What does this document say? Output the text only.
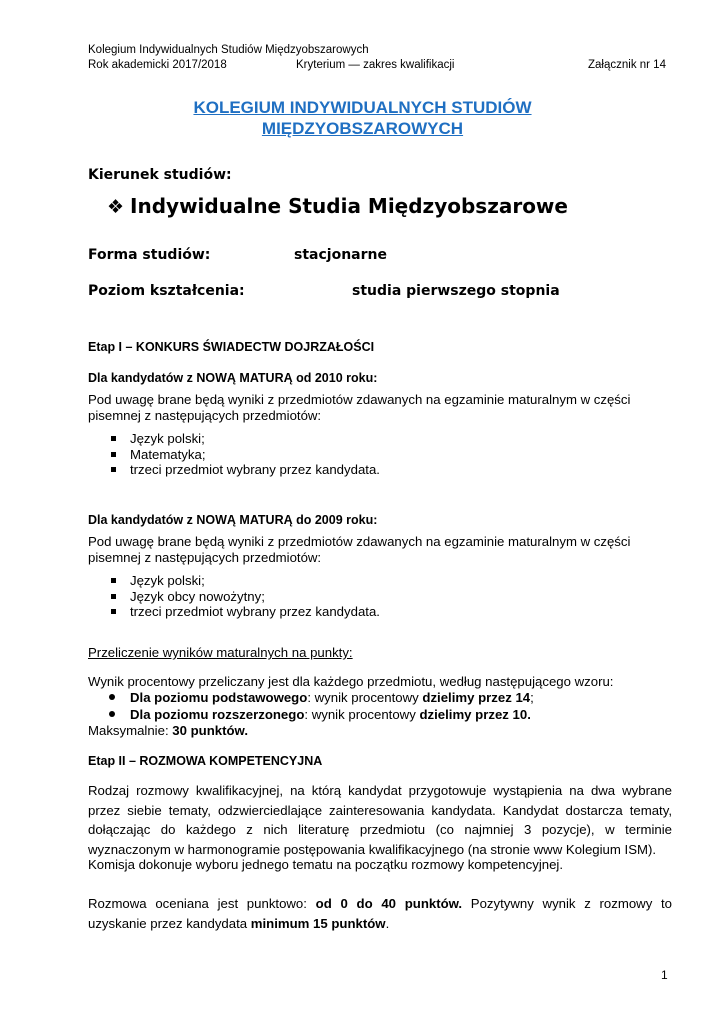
Kolegium Indywidualnych Studiów Międzyobszarowych
Rok akademicki 2017/2018	Kryterium — zakres kwalifikacji	Załącznik nr 14
KOLEGIUM INDYWIDUALNYCH STUDIÓW
MIĘDZYOBSZAROWYCH
Kierunek studiów:
❖ Indywidualne Studia Międzyobszarowe
Forma studiów:	stacjonarne
Poziom kształcenia:	studia pierwszego stopnia
Etap I – KONKURS ŚWIADECTW DOJRZAŁOŚCI
Dla kandydatów z NOWĄ MATURĄ od 2010 roku:
Pod uwagę brane będą wyniki z przedmiotów zdawanych na egzaminie maturalnym w części
pisemnej z następujących przedmiotów:
Język polski;
Matematyka;
trzeci przedmiot wybrany przez kandydata.
Dla kandydatów z NOWĄ MATURĄ do 2009 roku:
Pod uwagę brane będą wyniki z przedmiotów zdawanych na egzaminie maturalnym w części
pisemnej z następujących przedmiotów:
Język polski;
Język obcy nowożytny;
trzeci przedmiot wybrany przez kandydata.
Przeliczenie wyników maturalnych na punkty:
Wynik procentowy przeliczany jest dla każdego przedmiotu, według następującego wzoru:
Dla poziomu podstawowego: wynik procentowy dzielimy przez 14;
Dla poziomu rozszerzonego: wynik procentowy dzielimy przez 10.
Maksymalnie: 30 punktów.
Etap II – ROZMOWA KOMPETENCYJNA
Rodzaj rozmowy kwalifikacyjnej, na którą kandydat przygotowuje wystąpienia na dwa wybrane
przez siebie tematy, odzwierciedlające zainteresowania kandydata. Kandydat dostarcza tematy,
dołączając do każdego z nich literaturę przedmiotu (co najmniej 3 pozycje), w terminie
wyznaczonym w harmonogramie postępowania kwalifikacyjnego (na stronie www Kolegium ISM).
Komisja dokonuje wyboru jednego tematu na początku rozmowy kompetencyjnej.
Rozmowa oceniana jest punktowo: od 0 do 40 punktów. Pozytywny wynik z rozmowy to
uzyskanie przez kandydata minimum 15 punktów.
1
